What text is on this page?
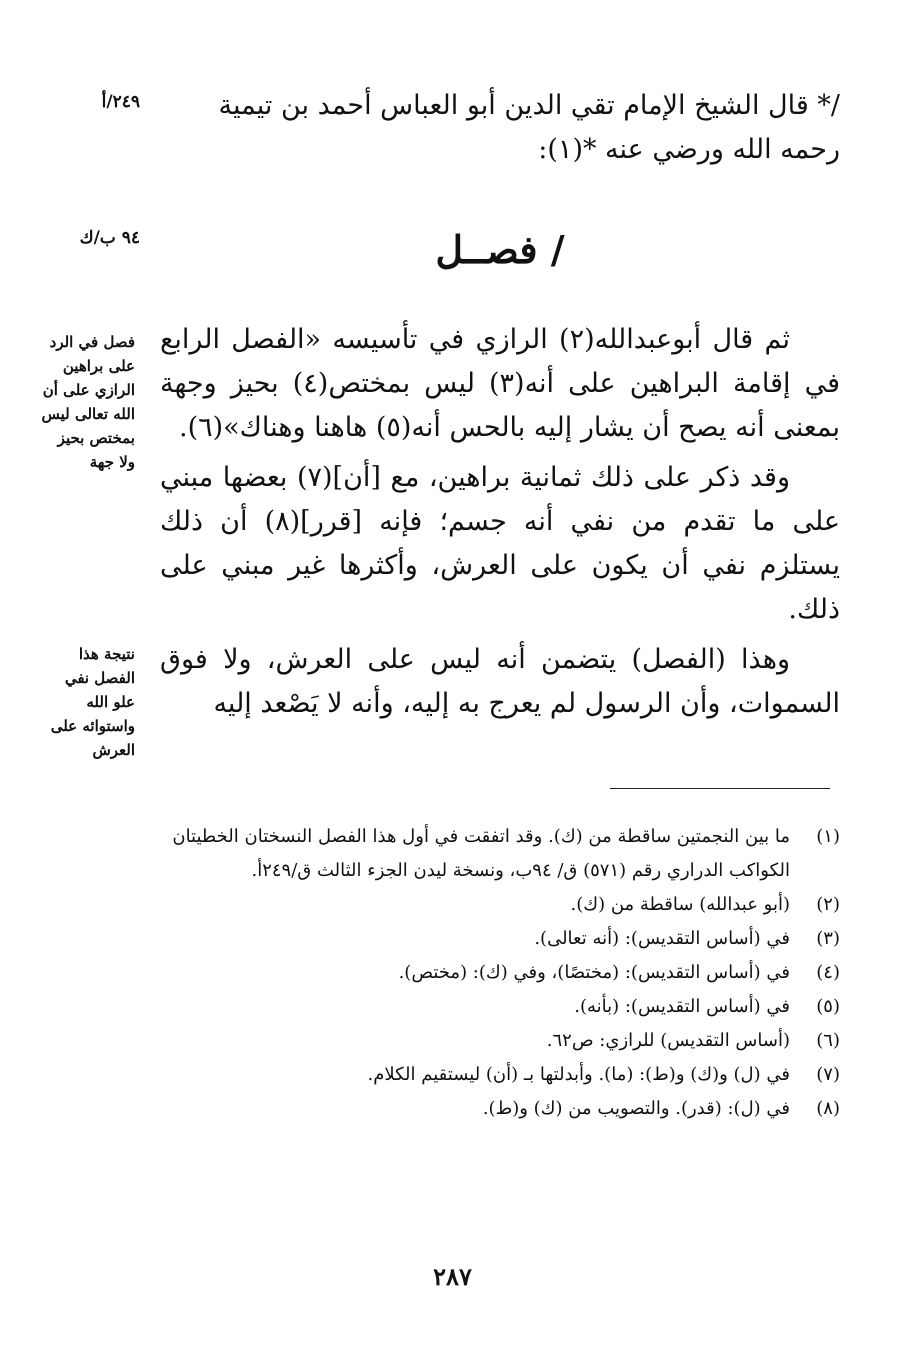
/* قال الشيخ الإمام تقي الدين أبو العباس أحمد بن تيمية
رحمه الله ورضي عنه *(١):
٢٤٩/أ
/ فصــل
٩٤ ب/ك

ثم قال أبوعبدالله(٢) الرازي في تأسيسه «الفصل الرابع في إقامة البراهين على أنه(٣) ليس بمختص(٤) بحيز وجهة بمعنى أنه يصح أن يشار إليه بالحس أنه(٥) هاهنا وهناك»(٦).

وقد ذكر على ذلك ثمانية براهين، مع [أن](٧) بعضها مبني على ما تقدم من نفي أنه جسم؛ فإنه [قرر](٨) أن ذلك يستلزم نفي أن يكون على العرش، وأكثرها غير مبني على ذلك.

وهذا (الفصل) يتضمن أنه ليس على العرش، ولا فوق السموات، وأن الرسول لم يعرج به إليه، وأنه لا يَصْعد إليه

فصل في الرد على براهين الرازي على أن الله تعالى ليس بمختص بحيز ولا جهة

نتيجة هذا الفصل نفي علو الله واستوائه على العرش

(١)
ما بين النجمتين ساقطة من (ك). وقد اتفقت في أول هذا الفصل النسختان الخطيتان الكواكب الدراري رقم (٥٧١) ق/ ٩٤ب، ونسخة ليدن الجزء الثالث ق/٢٤٩أ.
(٢)
(أبو عبدالله) ساقطة من (ك).
(٣)
في (أساس التقديس): (أنه تعالى).
(٤)
في (أساس التقديس): (مختصًا)، وفي (ك): (مختص).
(٥)
في (أساس التقديس): (بأنه).
(٦)
(أساس التقديس) للرازي: ص٦٢.
(٧)
في (ل) و(ك) و(ط): (ما). وأبدلتها بـ (أن) ليستقيم الكلام.
(٨)
في (ل): (قدر). والتصويب من (ك) و(ط).
٢٨٧
